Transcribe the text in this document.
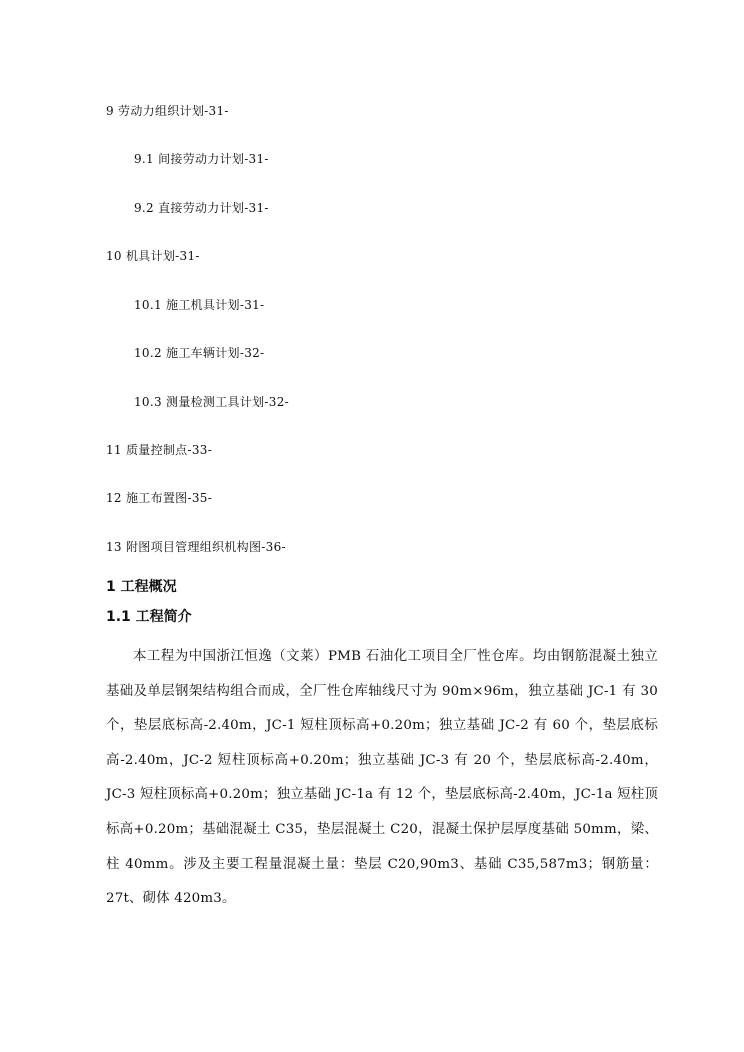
9 劳动力组织计划-31-
9.1 间接劳动力计划-31-
9.2 直接劳动力计划-31-
10 机具计划-31-
10.1 施工机具计划-31-
10.2 施工车辆计划-32-
10.3 测量检测工具计划-32-
11 质量控制点-33-
12 施工布置图-35-
13 附图项目管理组织机构图-36-
1 工程概况
1.1 工程简介
本工程为中国浙江恒逸（文莱）PMB 石油化工项目全厂性仓库。均由钢筋混凝土独立基础及单层钢架结构组合而成，全厂性仓库轴线尺寸为 90m×96m，独立基础 JC-1 有 30 个，垫层底标高-2.40m，JC-1 短柱顶标高+0.20m；独立基础 JC-2 有 60 个，垫层底标高-2.40m，JC-2 短柱顶标高+0.20m；独立基础 JC-3 有 20 个，垫层底标高-2.40m，JC-3 短柱顶标高+0.20m；独立基础 JC-1a 有 12 个，垫层底标高-2.40m，JC-1a 短柱顶标高+0.20m；基础混凝土 C35，垫层混凝土 C20，混凝土保护层厚度基础 50mm，梁、柱 40mm。涉及主要工程量混凝土量：垫层 C20,90m3、基础 C35,587m3；钢筋量：27t、砌体 420m3。
